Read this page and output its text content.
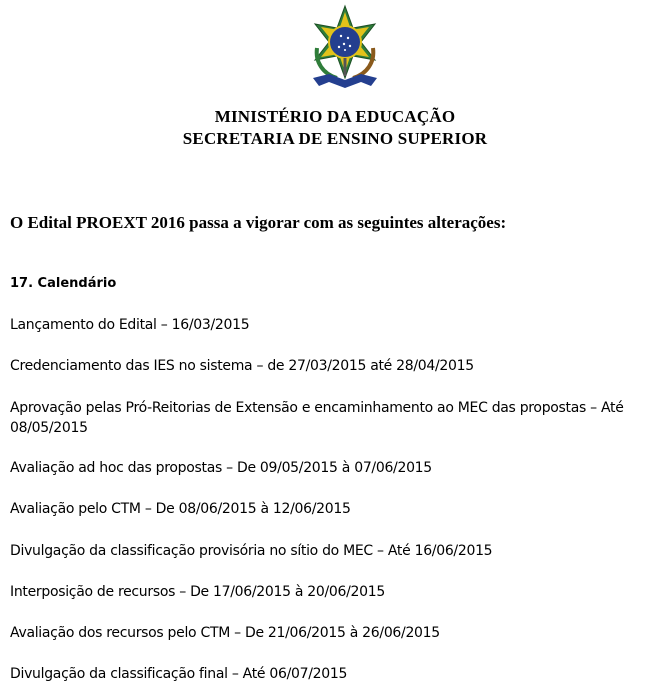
MINISTÉRIO DA EDUCAÇÃO
SECRETARIA DE ENSINO SUPERIOR
O Edital PROEXT 2016 passa a vigorar com as seguintes alterações:
17. Calendário
Lançamento do Edital – 16/03/2015
Credenciamento das IES no sistema – de 27/03/2015 até 28/04/2015
Aprovação pelas Pró-Reitorias de Extensão e encaminhamento ao MEC das propostas – Até 08/05/2015
Avaliação ad hoc das propostas – De 09/05/2015 à 07/06/2015
Avaliação pelo CTM – De 08/06/2015 à 12/06/2015
Divulgação da classificação provisória no sítio do MEC – Até 16/06/2015
Interposição de recursos – De 17/06/2015 à 20/06/2015
Avaliação dos recursos pelo CTM – De 21/06/2015 à 26/06/2015
Divulgação da classificação final – Até 06/07/2015
